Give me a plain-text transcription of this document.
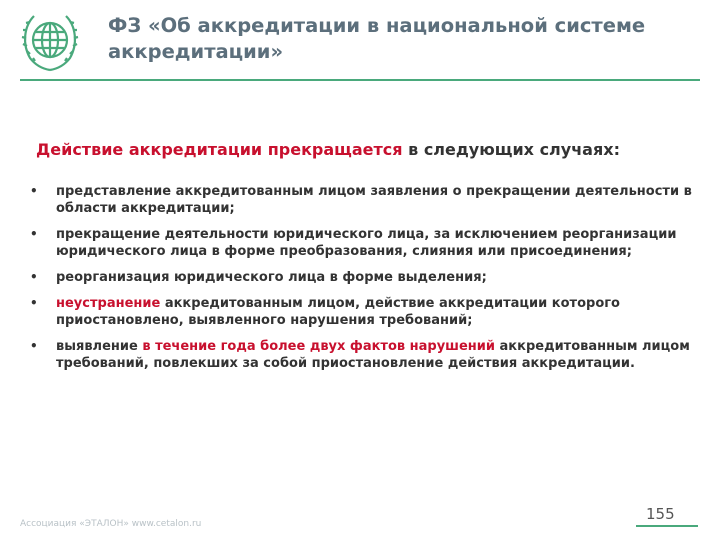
ФЗ «Об аккредитации в национальной системе аккредитации»
Действие аккредитации прекращается в следующих случаях:
• представление аккредитованным лицом заявления о прекращении деятельности в области аккредитации;
• прекращение деятельности юридического лица, за исключением реорганизации юридического лица в форме преобразования, слияния или присоединения;
• реорганизация юридического лица в форме выделения;
• неустранение аккредитованным лицом, действие аккредитации которого приостановлено, выявленного нарушения требований;
• выявление в течение года более двух фактов нарушений аккредитованным лицом требований, повлекших за собой приостановление действия аккредитации.
Ассоциация «ЭТАЛОН» www.cetalon.ru
155
